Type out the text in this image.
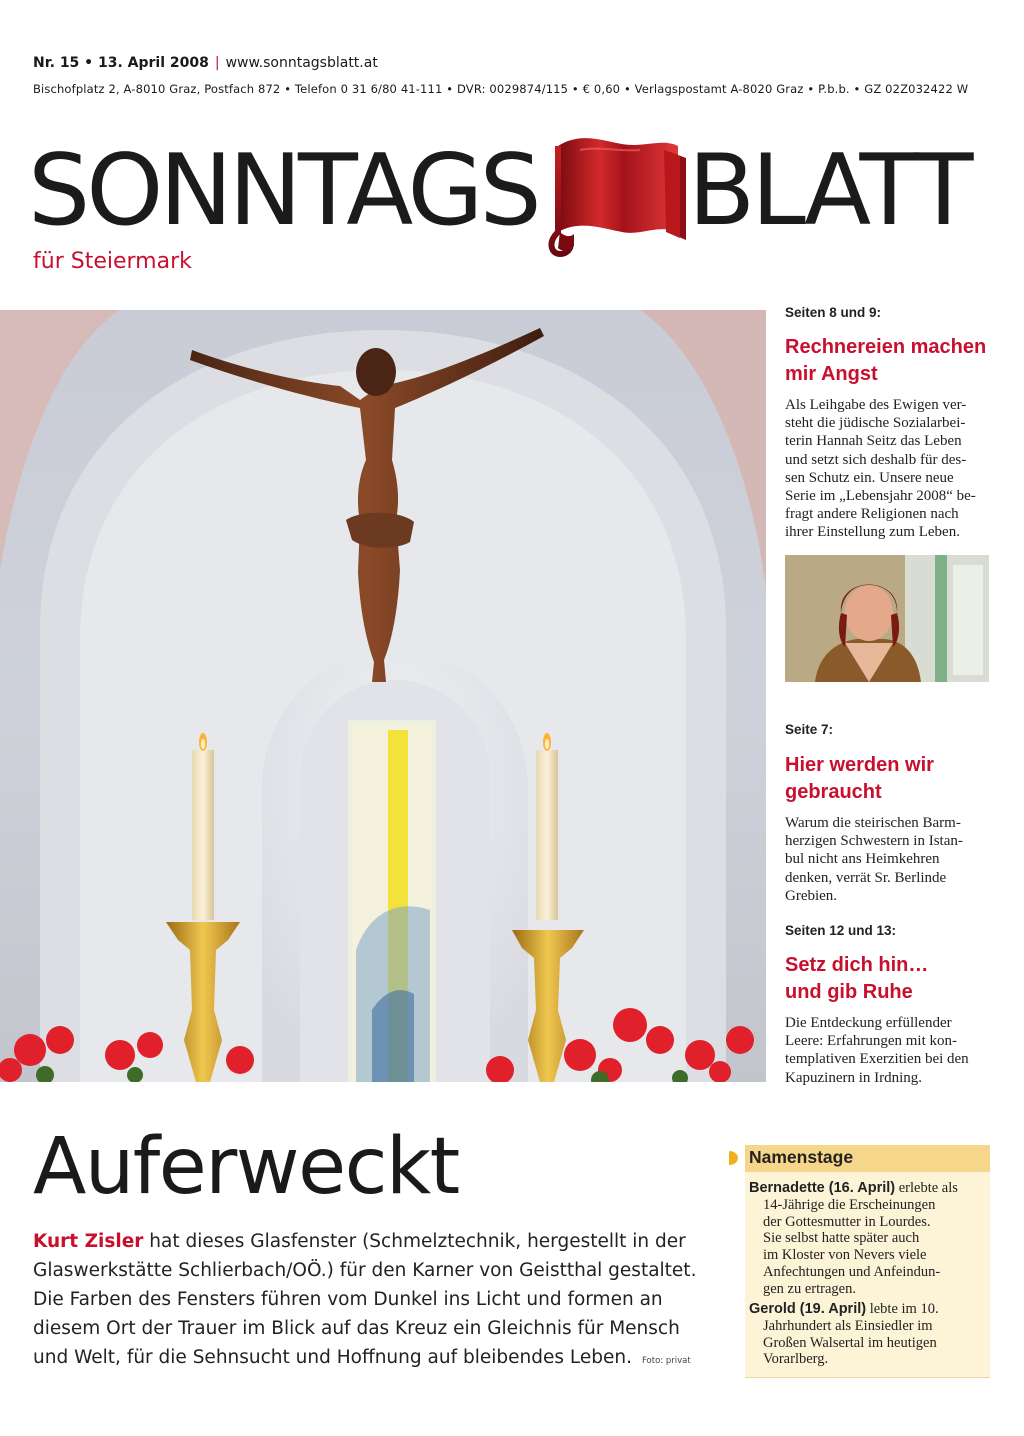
Nr. 15 • 13. April 2008 | www.sonntagsblatt.at
Bischofplatz 2, A-8010 Graz, Postfach 872 • Telefon 0 31 6/80 41-111 • DVR: 0029874/115 • € 0,60 • Verlagspostamt A-8020 Graz • P.b.b. • GZ 02Z032422 W
SONNTAGS BLATT
für Steiermark
Seiten 8 und 9:
Rechnereien machen
mir Angst
Als Leihgabe des Ewigen ver-
steht die jüdische Sozialarbei-
terin Hannah Seitz das Leben
und setzt sich deshalb für des-
sen Schutz ein. Unsere neue
Serie im „Lebensjahr 2008“ be-
fragt andere Religionen nach
ihrer Einstellung zum Leben.
Seite 7:
Hier werden wir
gebraucht
Warum die steirischen Barm-
herzigen Schwestern in Istan-
bul nicht ans Heimkehren
denken, verrät Sr. Berlinde
Grebien.
Seiten 12 und 13:
Setz dich hin…
und gib Ruhe
Die Entdeckung erfüllender
Leere: Erfahrungen mit kon-
templativen Exerzitien bei den
Kapuzinern in Irdning.
Auferweckt
Kurt Zisler hat dieses Glasfenster (Schmelztechnik, hergestellt in der
Glaswerkstätte Schlierbach/OÖ.) für den Karner von Geistthal gestaltet.
Die Farben des Fensters führen vom Dunkel ins Licht und formen an
diesem Ort der Trauer im Blick auf das Kreuz ein Gleichnis für Mensch
und Welt, für die Sehnsucht und Hoffnung auf bleibendes Leben. Foto: privat
Namenstage
Bernadette (16. April) erlebte als
14-Jährige die Erscheinungen
der Gottesmutter in Lourdes.
Sie selbst hatte später auch
im Kloster von Nevers viele
Anfechtungen und Anfeindun-
gen zu ertragen.
Gerold (19. April) lebte im 10.
Jahrhundert als Einsiedler im
Großen Walsertal im heutigen
Vorarlberg.
